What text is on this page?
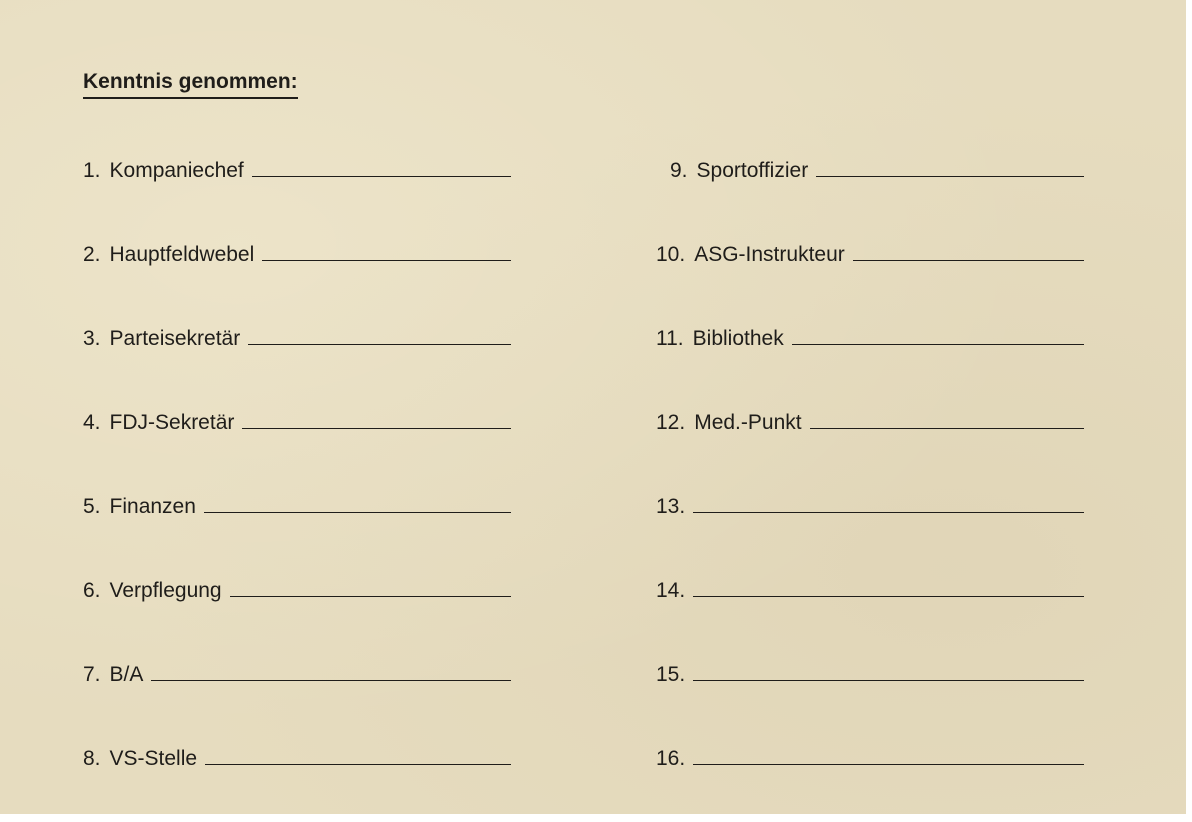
Kenntnis genommen:
1. Kompaniechef
2. Hauptfeldwebel
3. Parteisekretär
4. FDJ-Sekretär
5. Finanzen
6. Verpflegung
7. B/A
8. VS-Stelle
9. Sportoffizier
10. ASG-Instrukteur
11. Bibliothek
12. Med.-Punkt
13.
14.
15.
16.
